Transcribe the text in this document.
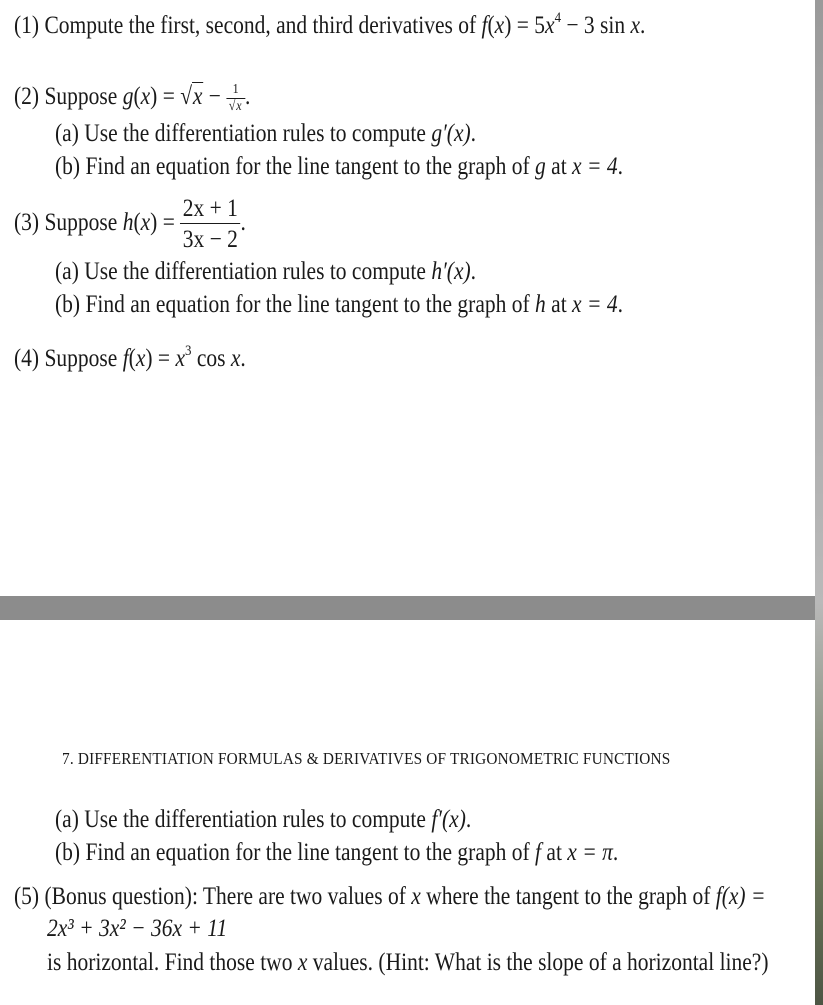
(1) Compute the first, second, and third derivatives of $f(x) = 5x^4 - 3$ sin x.
(2) Suppose $g(x) = √x - \frac{1}{√x}$ .
(a) Use the differentiation rules to compute g′(x).
(b) Find an equation for the line tangent to the graph of g at x = 4.
(3) Suppose $h(x) = \frac{2x + 1}{3x - 2}$ .
(a) Use the differentiation rules to compute h′(x).
(b) Find an equation for the line tangent to the graph of h at x = 4.
(4) Suppose $f(x) = x^3$ cos x.
7. DIFFERENTIATION FORMULAS & DERIVATIVES OF TRIGONOMETRIC FUNCTIONS
(a) Use the differentiation rules to compute f′(x).
(b) Find an equation for the line tangent to the graph of f at x = π.
(5) (Bonus question): There are two values of x where the tangent to the graph of f(x) =
2x³ + 3x² − 36x + 11
is horizontal. Find those two x values. (Hint: What is the slope of a horizontal line?)
